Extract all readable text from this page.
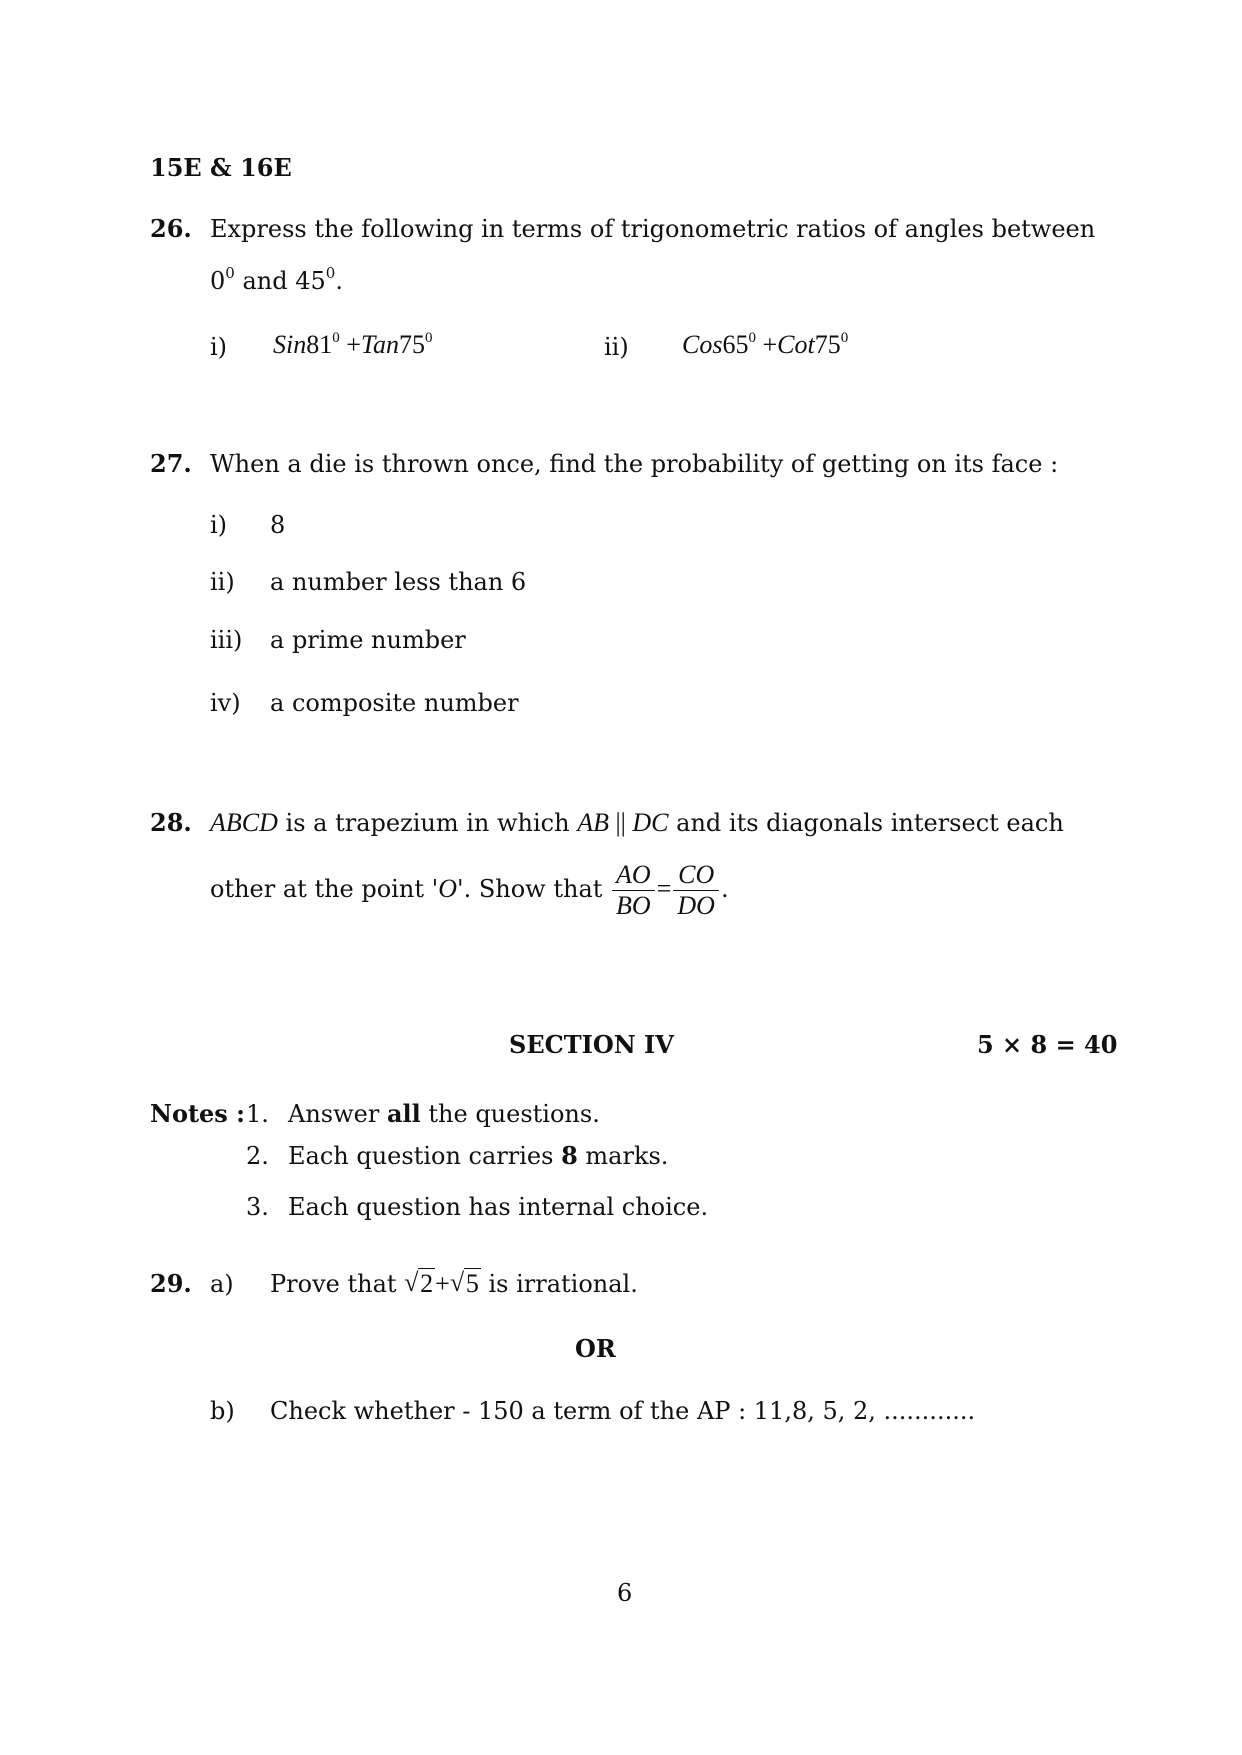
15E & 16E
26. Express the following in terms of trigonometric ratios of angles between
$0^0$ and $45^0$.
i) $Sin81^0 +Tan75^0$	ii) $Cos65^0 +Cot75^0$
27. When a die is thrown once, find the probability of getting on its face :
i) 8
ii) a number less than 6
iii) a prime number
iv) a composite number
28. ABCD is a trapezium in which AB || DC and its diagonals intersect each
other at the point 'O'. Show that $\frac{AO}{BO} = \frac{CO}{DO}$ .
SECTION IV	5 × 8 = 40
Notes : 1. Answer all the questions.
2. Each question carries 8 marks.
3. Each question has internal choice.
29. a) Prove that √ 2+ √ 5 is irrational.
OR
b) Check whether - 150 a term of the AP : 11,8, 5, 2, ............
6
